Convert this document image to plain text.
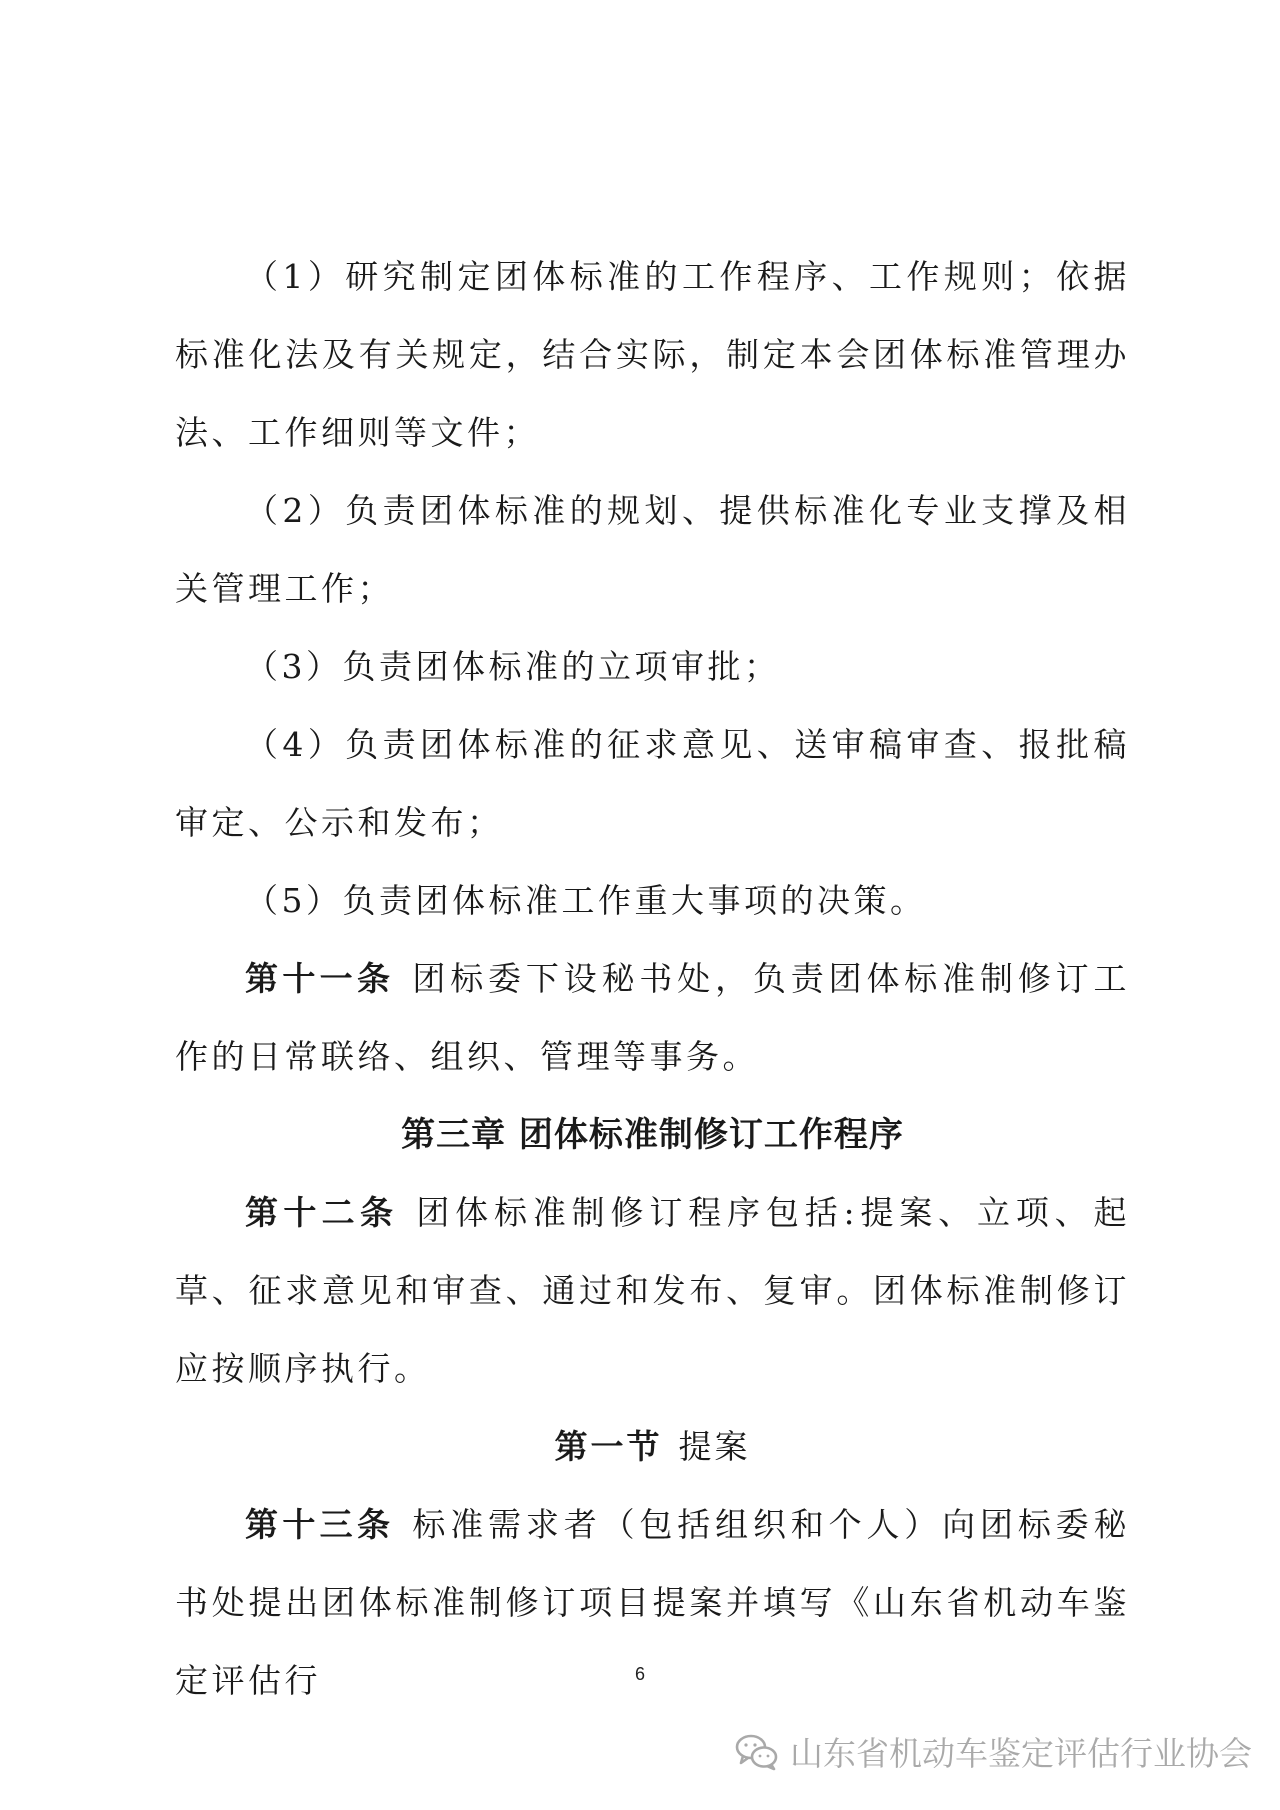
（1）研究制定团体标准的工作程序、工作规则；依据标准化法及有关规定，结合实际，制定本会团体标准管理办法、工作细则等文件；

（2）负责团体标准的规划、提供标准化专业支撑及相关管理工作；

（3）负责团体标准的立项审批；

（4）负责团体标准的征求意见、送审稿审查、报批稿审定、公示和发布；

（5）负责团体标准工作重大事项的决策。

第十一条 团标委下设秘书处，负责团体标准制修订工作的日常联络、组织、管理等事务。

第三章 团体标准制修订工作程序

第十二条 团体标准制修订程序包括:提案、立项、起草、征求意见和审查、通过和发布、复审。团体标准制修订应按顺序执行。

第一节 提案

第十三条 标准需求者（包括组织和个人）向团标委秘书处提出团体标准制修订项目提案并填写《山东省机动车鉴定评估行	6
山东省机动车鉴定评估行业协会
